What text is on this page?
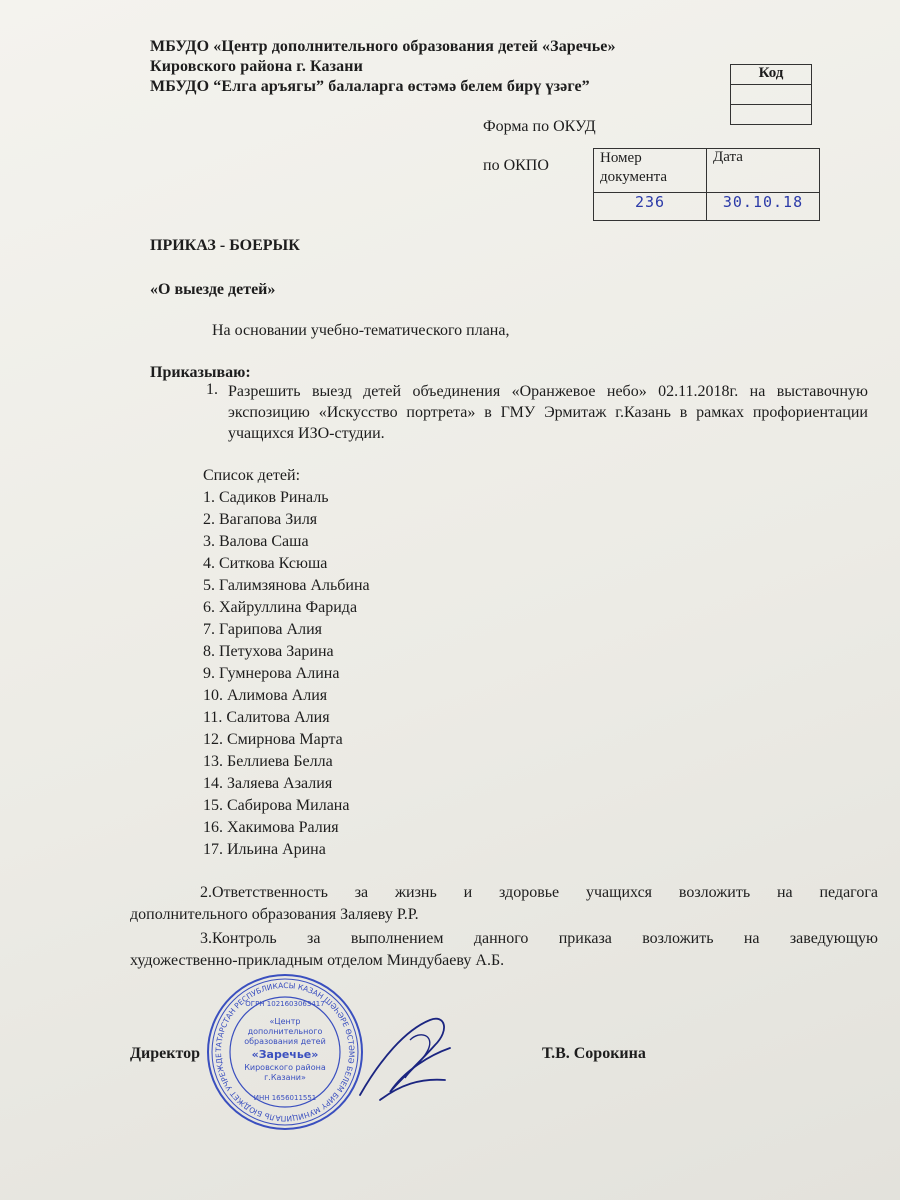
МБУДО «Центр дополнительного образования детей «Заречье»
Кировского района г. Казани
МБУДО “Елга аръягы” балаларга өстәмә белем бирү үзәге”
Код

Форма по ОКУД
по ОКПО	Номер документа	Дата
236	30.10.18
ПРИКАЗ - БОЕРЫК
«О выезде детей»
На основании учебно-тематического плана,
Приказываю:
1. Разрешить выезд детей объединения «Оранжевое небо» 02.11.2018г. на выставочную экспозицию «Искусство портрета» в ГМУ Эрмитаж г.Казань в рамках профориентации учащихся ИЗО-студии.
Список детей:
1. Садиков Риналь
2. Вагапова Зиля
3. Валова Саша
4. Ситкова Ксюша
5. Галимзянова Альбина
6. Хайруллина Фарида
7. Гарипова Алия
8. Петухова Зарина
9. Гумнерова Алина
10. Алимова Алия
11. Салитова Алия
12. Смирнова Марта
13. Беллиева Белла
14. Заляева Азалия
15. Сабирова Милана
16. Хакимова Ралия
17. Ильина Арина
2.Ответственность за жизнь и здоровье учащихся возложить на педагога
дополнительного образования Заляеву Р.Р.
3.Контроль за выполнением данного приказа возложить на заведующую
художественно-прикладным отделом Миндубаеву А.Б.
Директор	Т.В. Сорокина
ТАТАРСТАН РЕСПУБЛИКАСЫ КАЗАН ШӘҺӘРЕ ӨСТӘМӘ БЕЛЕМ БИРҮ МУНИЦИПАЛЬ БЮДЖЕТ УЧРЕЖДЕ
ОГРН 1021603063417
«Центр
дополнительного
образования детей
«Заречье»
Кировского района
г.Казани»
ИНН 1656011551
